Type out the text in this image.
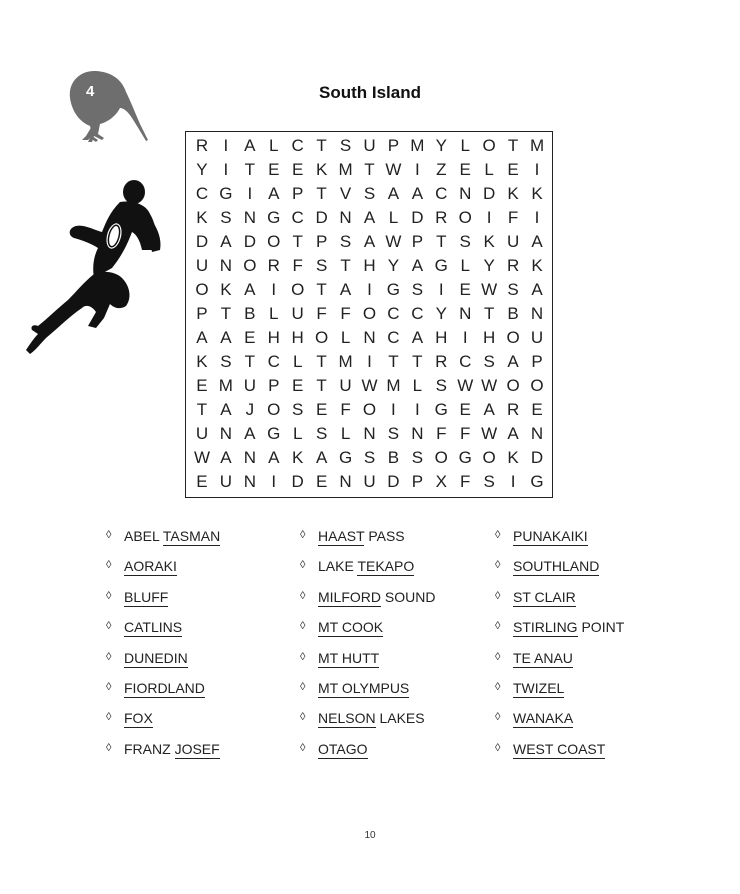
4	South Island
R I A L C T S U P M Y L O T M
Y I T E E K M T W I Z E L E I
C G I A P T V S A A C N D K K
K S N G C D N A L D R O I F I
D A D O T P S A W P T S K U A
U N O R F S T H Y A G L Y R K
O K A I O T A I G S I E W S A
P T B L U F F O C C Y N T B N
A A E H H O L N C A H I H O U
K S T C L T M I T T R C S A P
E M U P E T U W M L S W W O O
T A J O S E F O I	I G E A R E
U N A G L S L N S N F F W A N
W A N A K A G S B S O G O K D
E U N I D E N U D P X F S I G
◊ ABEL TASMAN
◊ AORAKI
◊ BLUFF
◊ CATLINS
◊ DUNEDIN
◊ FIORDLAND
◊ FOX
◊ FRANZ JOSEF
◊ HAAST PASS
◊ LAKE TEKAPO
◊ MILFORD SOUND
◊ MT COOK
◊ MT HUTT
◊ MT OLYMPUS
◊ NELSON LAKES
◊ OTAGO
◊ PUNAKAIKI
◊ SOUTHLAND
◊ ST CLAIR
◊ STIRLING POINT
◊ TE ANAU
◊ TWIZEL
◊ WANAKA
◊ WEST COAST
10
